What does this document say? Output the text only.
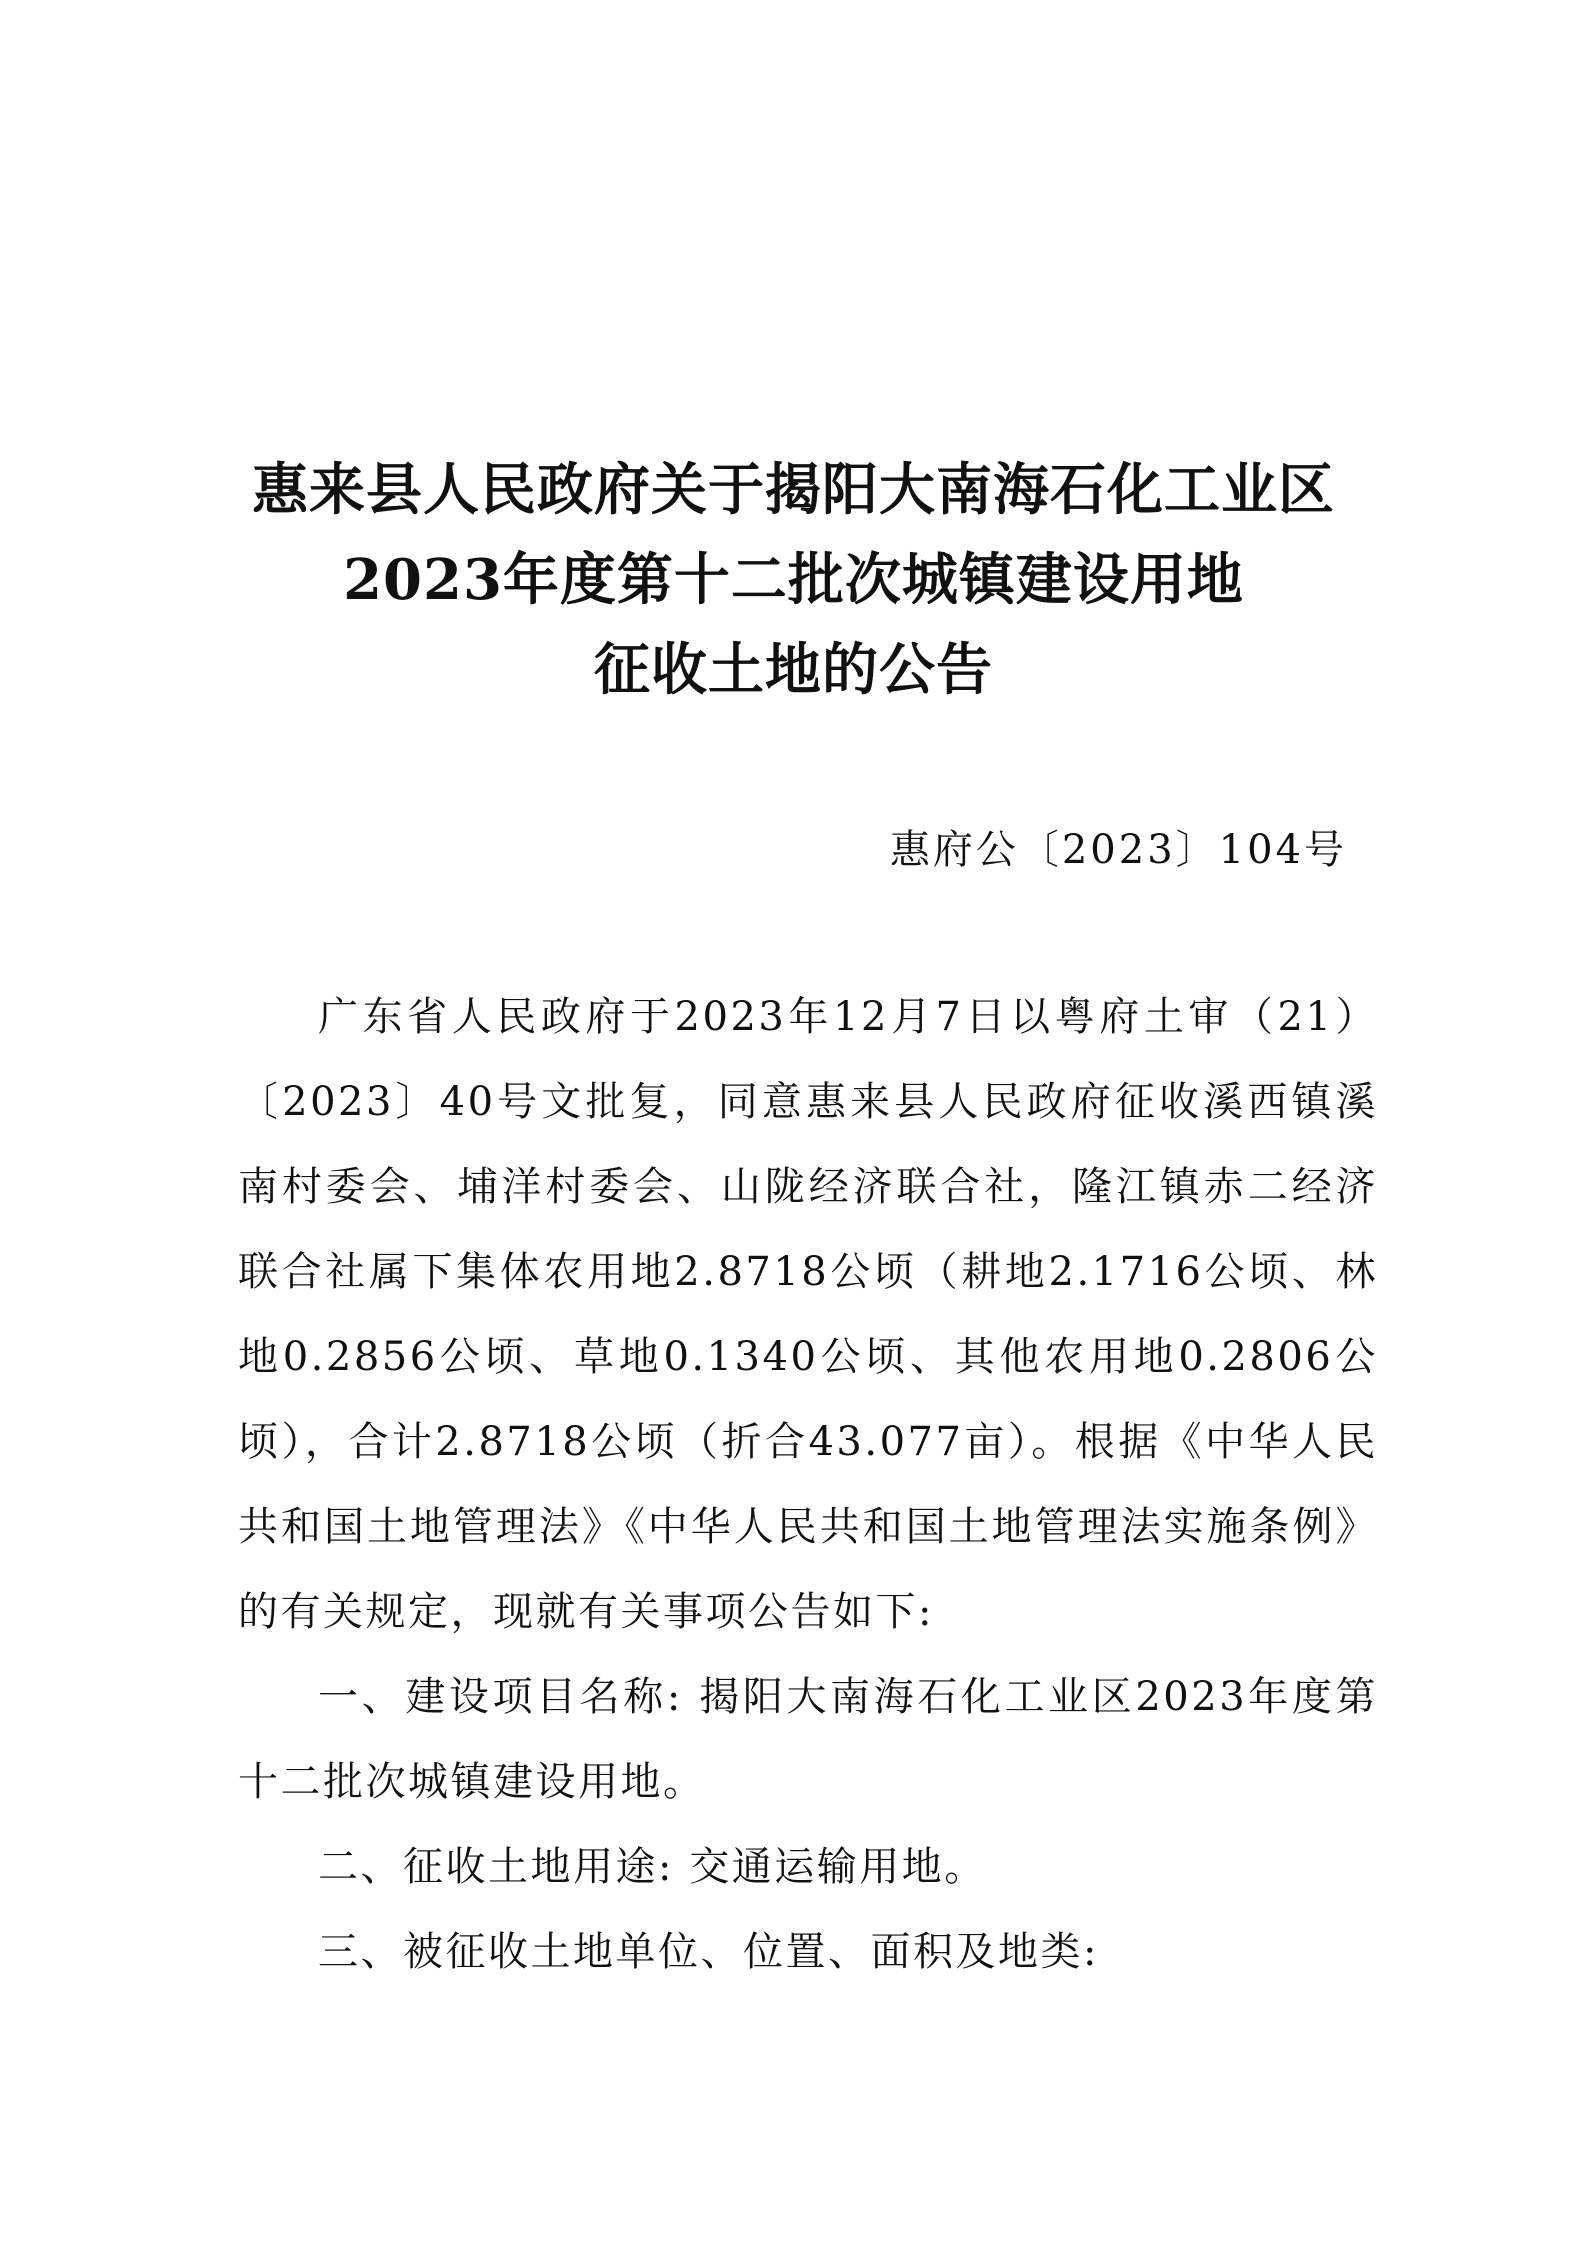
惠来县人民政府关于揭阳大南海石化工业区
2023年度第十二批次城镇建设用地
征收土地的公告
惠府公〔2023〕104号

广东省人民政府于2023年12月7日以粤府土审（21）〔2023〕40号文批复，同意惠来县人民政府征收溪西镇溪南村委会、埔洋村委会、山陇经济联合社，隆江镇赤二经济联合社属下集体农用地2.8718公顷（耕地2.1716公顷、林地0.2856公顷、草地0.1340公顷、其他农用地0.2806公顷），合计2.8718公顷（折合43.077亩）。根据《中华人民共和国土地管理法》《中华人民共和国土地管理法实施条例》的有关规定，现就有关事项公告如下:

一、建设项目名称: 揭阳大南海石化工业区2023年度第十二批次城镇建设用地。

二、征收土地用途: 交通运输用地。

三、被征收土地单位、位置、面积及地类:
